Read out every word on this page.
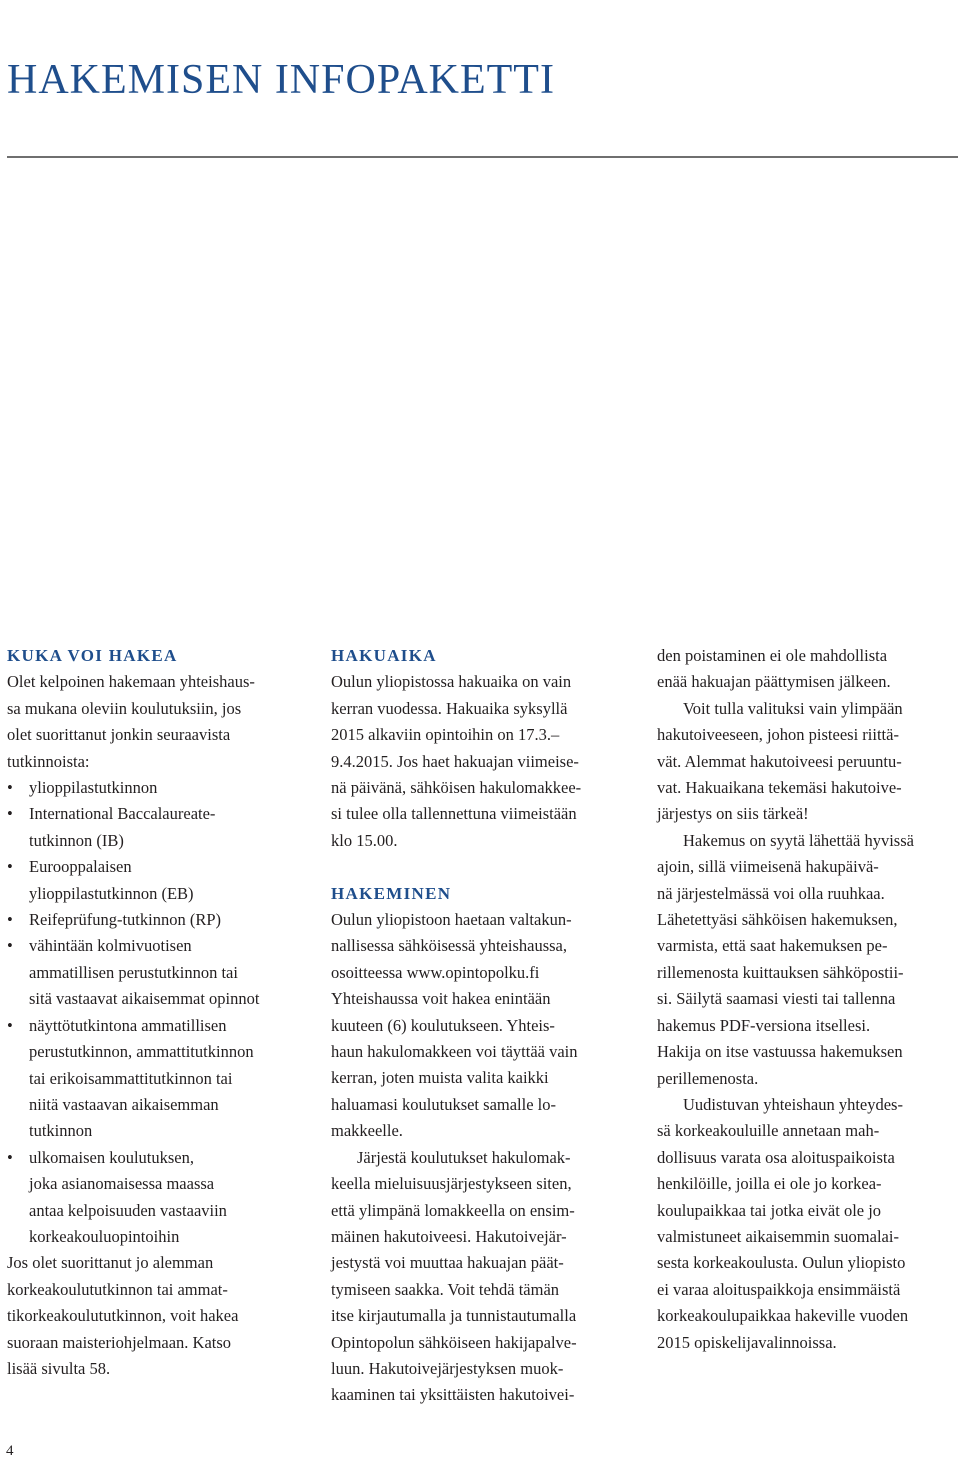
HAKEMISEN INFOPAKETTI
KUKA VOI HAKEA
Olet kelpoinen hakemaan yhteishaus-
sa mukana oleviin koulutuksiin, jos
olet suorittanut jonkin seuraavista
tutkinnoista:
• ylioppilastutkinnon
• International Baccalaureate-
tutkinnon (IB)
• Eurooppalaisen
ylioppilastutkinnon (EB)
• Reifeprüfung-tutkinnon (RP)
• vähintään kolmivuotisen
ammatillisen perustutkinnon tai
sitä vastaavat aikaisemmat opinnot
• näyttötutkintona ammatillisen
perustutkinnon, ammattitutkinnon
tai erikoisammattitutkinnon tai
niitä vastaavan aikaisemman
tutkinnon
• ulkomaisen koulutuksen,
joka asianomaisessa maassa
antaa kelpoisuuden vastaaviin
korkeakouluopintoihin
Jos olet suorittanut jo alemman
korkeakoulututkinnon tai ammat-
tikorkeakoulututkinnon, voit hakea
suoraan maisteriohjelmaan. Katso
lisää sivulta 58.
HAKUAIKA
Oulun yliopistossa hakuaika on vain
kerran vuodessa. Hakuaika syksyllä
2015 alkaviin opintoihin on 17.3.–
9.4.2015. Jos haet hakuajan viimeise-
nä päivänä, sähköisen hakulomakkee-
si tulee olla tallennettuna viimeistään
klo 15.00.
HAKEMINEN
Oulun yliopistoon haetaan valtakun-
nallisessa sähköisessä yhteishaussa,
osoitteessa www.opintopolku.fi
Yhteishaussa voit hakea enintään
kuuteen (6) koulutukseen. Yhteis-
haun hakulomakkeen voi täyttää vain
kerran, joten muista valita kaikki
haluamasi koulutukset samalle lo-
makkeelle.
Järjestä koulutukset hakulomak-
keella mieluisuusjärjestykseen siten,
että ylimpänä lomakkeella on ensim-
mäinen hakutoiveesi. Hakutoivejär-
jestystä voi muuttaa hakuajan päät-
tymiseen saakka. Voit tehdä tämän
itse kirjautumalla ja tunnistautumalla
Opintopolun sähköiseen hakijapalve-
luun. Hakutoivejärjestyksen muok-
kaaminen tai yksittäisten hakutoivei-
den poistaminen ei ole mahdollista
enää hakuajan päättymisen jälkeen.
Voit tulla valituksi vain ylimpään
hakutoiveeseen, johon pisteesi riittä-
vät. Alemmat hakutoiveesi peruuntu-
vat. Hakuaikana tekemäsi hakutoive-
järjestys on siis tärkeä!
Hakemus on syytä lähettää hyvissä
ajoin, sillä viimeisenä hakupäivä-
nä järjestelmässä voi olla ruuhkaa.
Lähetettyäsi sähköisen hakemuksen,
varmista, että saat hakemuksen pe-
rillemenosta kuittauksen sähköpostii-
si. Säilytä saamasi viesti tai tallenna
hakemus PDF-versiona itsellesi.
Hakija on itse vastuussa hakemuksen
perillemenosta.
Uudistuvan yhteishaun yhteydes-
sä korkeakouluille annetaan mah-
dollisuus varata osa aloituspaikoista
henkilöille, joilla ei ole jo korkea-
koulupaikkaa tai jotka eivät ole jo
valmistuneet aikaisemmin suomalai-
sesta korkeakoulusta. Oulun yliopisto
ei varaa aloituspaikkoja ensimmäistä
korkeakoulupaikkaa hakeville vuoden
2015 opiskelijavalinnoissa.
4
